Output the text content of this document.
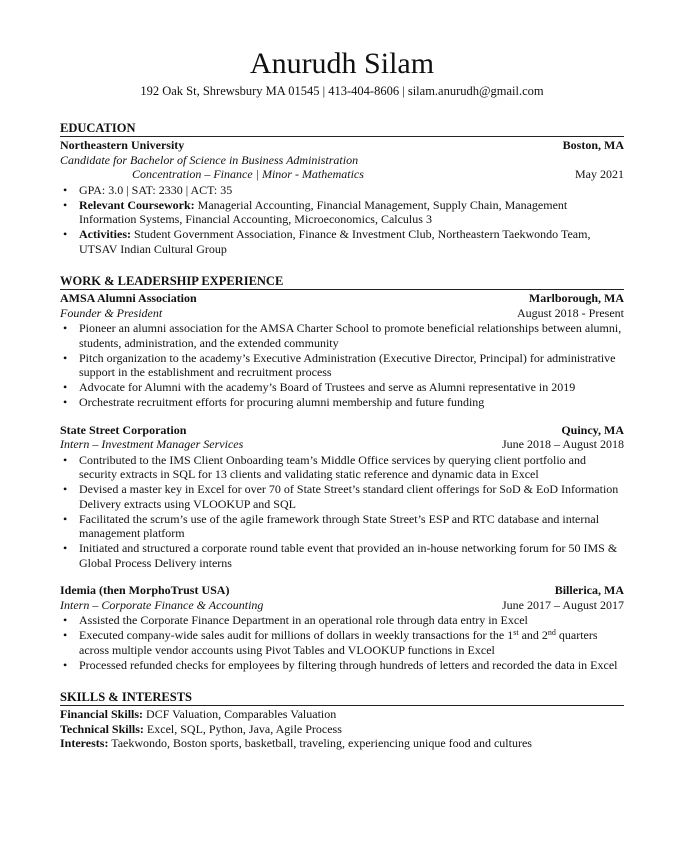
Anurudh Silam
192 Oak St, Shrewsbury MA 01545 | 413-404-8606 | silam.anurudh@gmail.com
EDUCATION
Northeastern University	Boston, MA
Candidate for Bachelor of Science in Business Administration
Concentration – Finance | Minor - Mathematics	May 2021
• GPA: 3.0 | SAT: 2330 | ACT: 35
• Relevant Coursework: Managerial Accounting, Financial Management, Supply Chain, Management Information Systems, Financial Accounting, Microeconomics, Calculus 3
• Activities: Student Government Association, Finance & Investment Club, Northeastern Taekwondo Team, UTSAV Indian Cultural Group
WORK & LEADERSHIP EXPERIENCE
AMSA Alumni Association	Marlborough, MA
Founder & President	August 2018 - Present
• Pioneer an alumni association for the AMSA Charter School to promote beneficial relationships between alumni, students, administration, and the extended community
• Pitch organization to the academy’s Executive Administration (Executive Director, Principal) for administrative support in the establishment and recruitment process
• Advocate for Alumni with the academy’s Board of Trustees and serve as Alumni representative in 2019
• Orchestrate recruitment efforts for procuring alumni membership and future funding
State Street Corporation	Quincy, MA
Intern – Investment Manager Services	June 2018 – August 2018
• Contributed to the IMS Client Onboarding team’s Middle Office services by querying client portfolio and security extracts in SQL for 13 clients and validating static reference and dynamic data in Excel
• Devised a master key in Excel for over 70 of State Street’s standard client offerings for SoD & EoD Information Delivery extracts using VLOOKUP and SQL
• Facilitated the scrum’s use of the agile framework through State Street’s ESP and RTC database and internal management platform
• Initiated and structured a corporate round table event that provided an in-house networking forum for 50 IMS & Global Process Delivery interns
Idemia (then MorphoTrust USA)	Billerica, MA
Intern – Corporate Finance & Accounting	June 2017 – August 2017
• Assisted the Corporate Finance Department in an operational role through data entry in Excel
• Executed company-wide sales audit for millions of dollars in weekly transactions for the 1st and 2nd quarters across multiple vendor accounts using Pivot Tables and VLOOKUP functions in Excel
• Processed refunded checks for employees by filtering through hundreds of letters and recorded the data in Excel
SKILLS & INTERESTS
Financial Skills: DCF Valuation, Comparables Valuation
Technical Skills: Excel, SQL, Python, Java, Agile Process
Interests: Taekwondo, Boston sports, basketball, traveling, experiencing unique food and cultures
